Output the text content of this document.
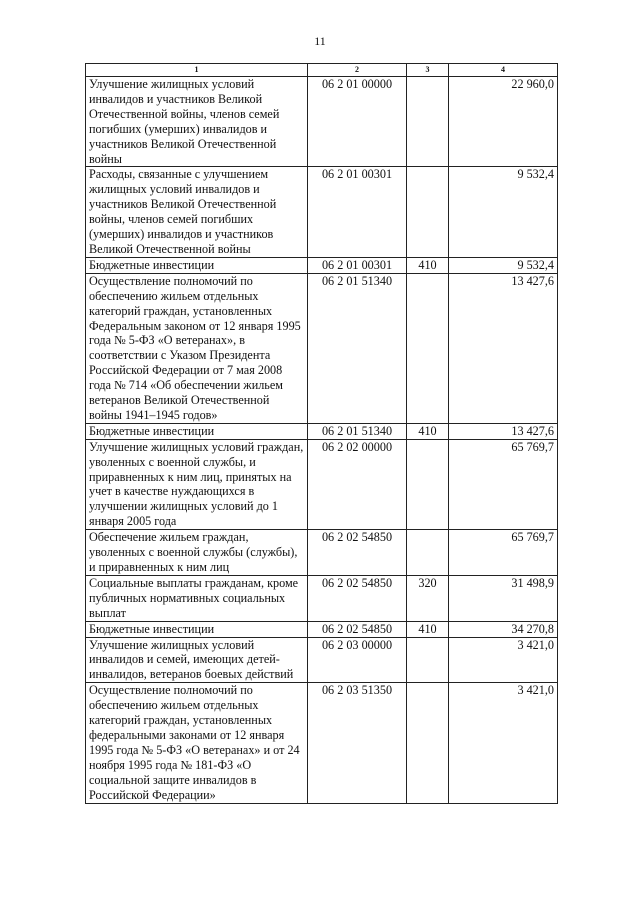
11
1	2	3	4
Улучшение жилищных условий инвалидов и участников Великой Отечественной войны, членов семей погибших (умерших) инвалидов и участников Великой Отечественной войны	06 2 01 00000		22 960,0
Расходы, связанные с улучшением жилищных условий инвалидов и участников Великой Отечественной войны, членов семей погибших (умерших) инвалидов и участников Великой Отечественной войны	06 2 01 00301		9 532,4
Бюджетные инвестиции	06 2 01 00301	410	9 532,4
Осуществление полномочий по обеспечению жильем отдельных категорий граждан, установленных Федеральным законом от 12 января 1995 года № 5-ФЗ «О ветеранах», в соответствии с Указом Президента Российской Федерации от 7 мая 2008 года № 714 «Об обеспечении жильем ветеранов Великой Отечественной войны 1941–1945 годов»	06 2 01 51340		13 427,6
Бюджетные инвестиции	06 2 01 51340	410	13 427,6
Улучшение жилищных условий граждан, уволенных с военной службы, и приравненных к ним лиц, принятых на учет в качестве нуждающихся в улучшении жилищных условий до 1 января 2005 года	06 2 02 00000		65 769,7
Обеспечение жильем граждан, уволенных с военной службы (службы), и приравненных к ним лиц	06 2 02 54850		65 769,7
Социальные выплаты гражданам, кроме публичных нормативных социальных выплат	06 2 02 54850	320	31 498,9
Бюджетные инвестиции	06 2 02 54850	410	34 270,8
Улучшение жилищных условий инвалидов и семей, имеющих детей-инвалидов, ветеранов боевых действий	06 2 03 00000		3 421,0
Осуществление полномочий по обеспечению жильем отдельных категорий граждан, установленных федеральными законами от 12 января 1995 года № 5-ФЗ «О ветеранах» и от 24 ноября 1995 года № 181-ФЗ «О социальной защите инвалидов в Российской Федерации»	06 2 03 51350		3 421,0
